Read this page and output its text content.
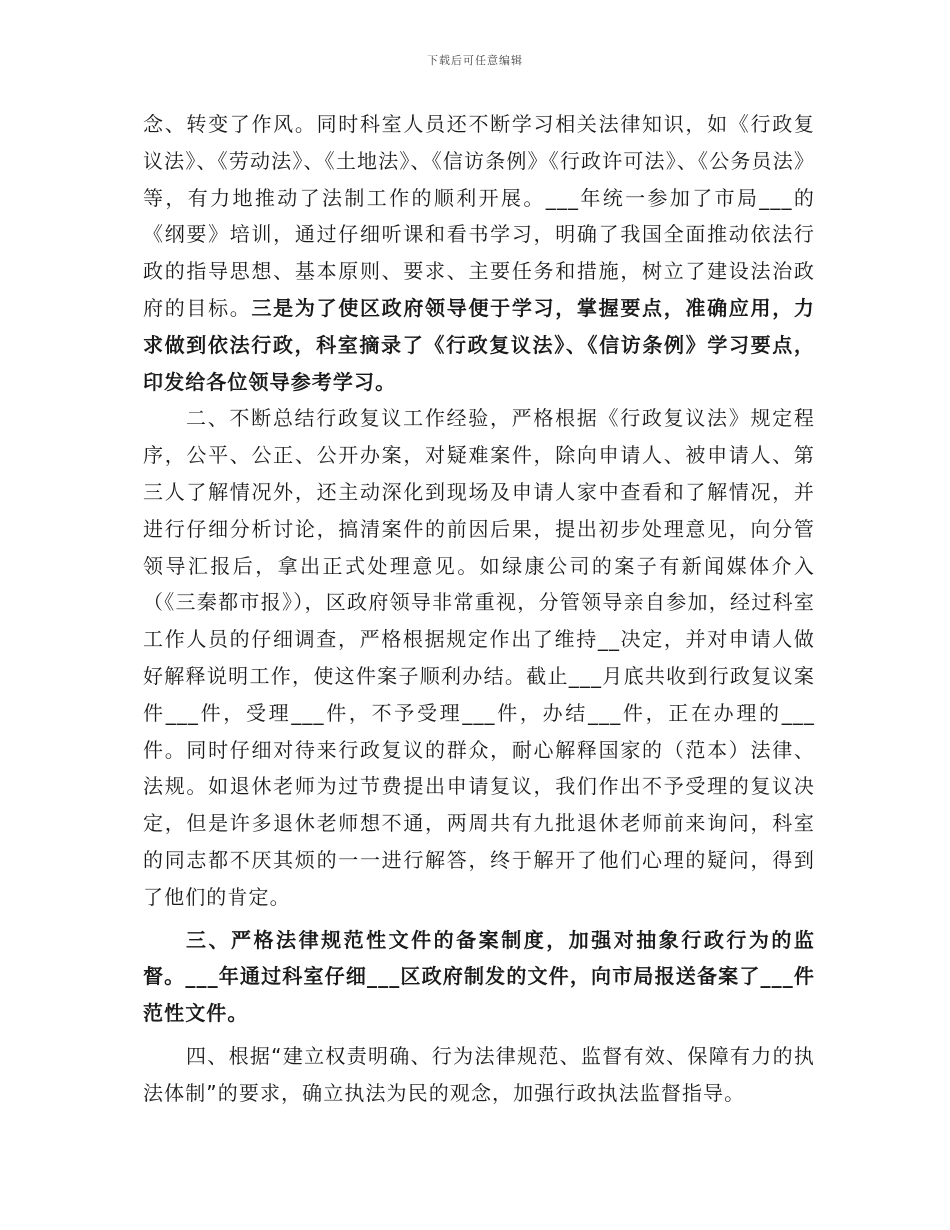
下载后可任意编辑

念、转变了作风。同时科室人员还不断学习相关法律知识，如《行政复议法》、《劳动法》、《土地法》、《信访条例》《行政许可法》、《公务员法》等，有力地推动了法制工作的顺利开展。___年统一参加了市局___的《纲要》培训，通过仔细听课和看书学习，明确了我国全面推动依法行政的指导思想、基本原则、要求、主要任务和措施，树立了建设法治政府的目标。三是为了使区政府领导便于学习，掌握要点，准确应用，力求做到依法行政，科室摘录了《行政复议法》、《信访条例》学习要点，印发给各位领导参考学习。

二、不断总结行政复议工作经验，严格根据《行政复议法》规定程序，公平、公正、公开办案，对疑难案件，除向申请人、被申请人、第三人了解情况外，还主动深化到现场及申请人家中查看和了解情况，并进行仔细分析讨论，搞清案件的前因后果，提出初步处理意见，向分管领导汇报后，拿出正式处理意见。如绿康公司的案子有新闻媒体介入（《三秦都市报》），区政府领导非常重视，分管领导亲自参加，经过科室工作人员的仔细调查，严格根据规定作出了维持__决定，并对申请人做好解释说明工作，使这件案子顺利办结。截止___月底共收到行政复议案件___件，受理___件，不予受理___件，办结___件，正在办理的___件。同时仔细对待来行政复议的群众，耐心解释国家的（范本）法律、法规。如退休老师为过节费提出申请复议，我们作出不予受理的复议决定，但是许多退休老师想不通，两周共有九批退休老师前来询问，科室的同志都不厌其烦的一一进行解答，终于解开了他们心理的疑问，得到了他们的肯定。

三、严格法律规范性文件的备案制度，加强对抽象行政行为的监督。___年通过科室仔细___区政府制发的文件，向市局报送备案了___件范性文件。

四、根据“建立权责明确、行为法律规范、监督有效、保障有力的执法体制”的要求，确立执法为民的观念，加强行政执法监督指导。
